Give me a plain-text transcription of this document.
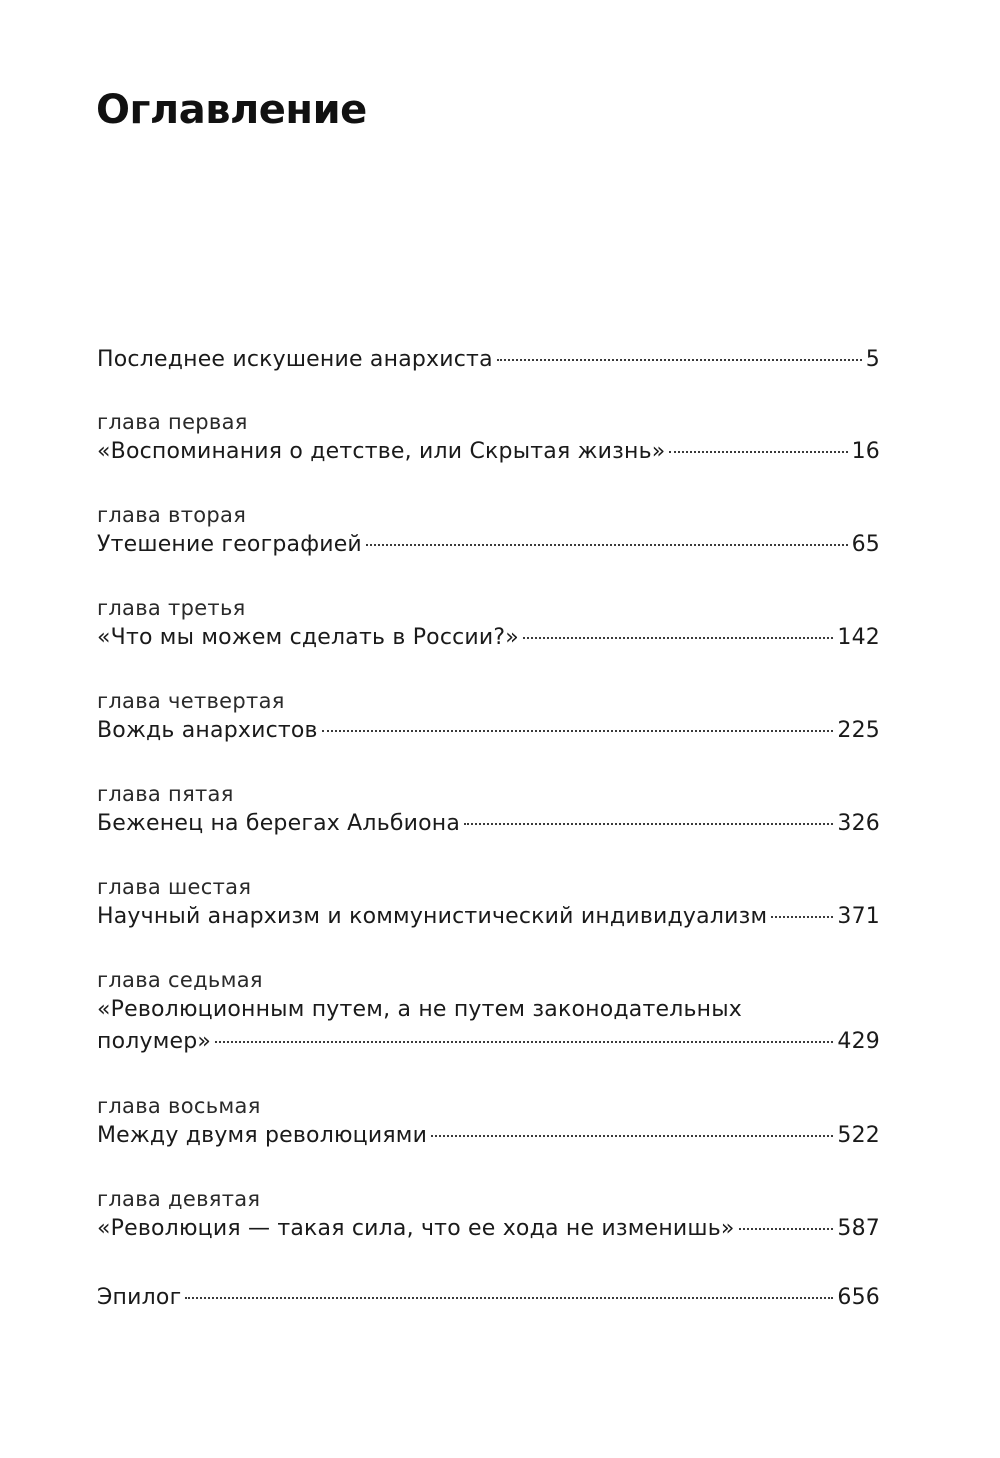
Оглавление
Последнее искушение анархиста	5
глава первая
«Воспоминания о детстве, или Скрытая жизнь»	16
глава вторая
Утешение географией	65
глава третья
«Что мы можем сделать в России?»	142
глава четвертая
Вождь анархистов	225
глава пятая
Беженец на берегах Альбиона	326
глава шестая
Научный анархизм и коммунистический индивидуализм	371
глава седьмая
«Революционным путем, а не путем законодательных
полумер»	429
глава восьмая
Между двумя революциями	522
глава девятая
«Революция — такая сила, что ее хода не изменишь»	587
Эпилог	656
